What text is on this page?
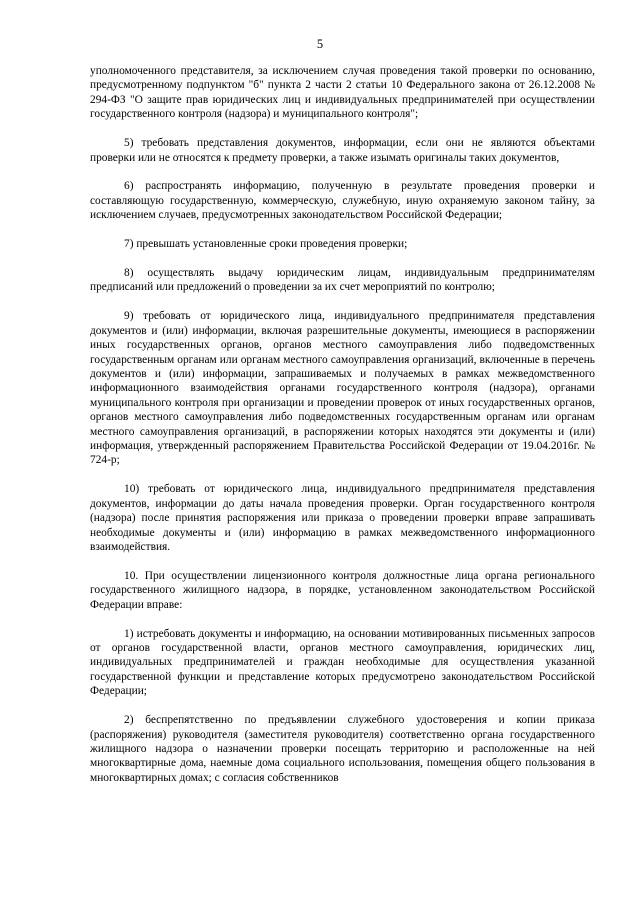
5

уполномоченного представителя, за исключением случая проведения такой проверки по основанию, предусмотренному подпунктом "б" пункта 2 части 2 статьи 10 Федерального закона от 26.12.2008 № 294-ФЗ "О защите прав юридических лиц и индивидуальных предпринимателей при осуществлении государственного контроля (надзора) и муниципального контроля";

5) требовать представления документов, информации, если они не являются объектами проверки или не относятся к предмету проверки, а также изымать оригиналы таких документов,

6) распространять информацию, полученную в результате проведения проверки и составляющую государственную, коммерческую, служебную, иную охраняемую законом тайну, за исключением случаев, предусмотренных законодательством Российской Федерации;

7) превышать установленные сроки проведения проверки;

8) осуществлять выдачу юридическим лицам, индивидуальным предпринимателям предписаний или предложений о проведении за их счет мероприятий по контролю;

9) требовать от юридического лица, индивидуального предпринимателя представления документов и (или) информации, включая разрешительные документы, имеющиеся в распоряжении иных государственных органов, органов местного самоуправления либо подведомственных государственным органам или органам местного самоуправления организаций, включенные в перечень документов и (или) информации, запрашиваемых и получаемых в рамках межведомственного информационного взаимодействия органами государственного контроля (надзора), органами муниципального контроля при организации и проведении проверок от иных государственных органов, органов местного самоуправления либо подведомственных государственным органам или органам местного самоуправления организаций, в распоряжении которых находятся эти документы и (или) информация, утвержденный распоряжением Правительства Российской Федерации от 19.04.2016г. № 724-р;

10) требовать от юридического лица, индивидуального предпринимателя представления документов, информации до даты начала проведения проверки. Орган государственного контроля (надзора) после принятия распоряжения или приказа о проведении проверки вправе запрашивать необходимые документы и (или) информацию в рамках межведомственного информационного взаимодействия.

10. При осуществлении лицензионного контроля должностные лица органа регионального государственного жилищного надзора, в порядке, установленном законодательством Российской Федерации вправе:

1) истребовать документы и информацию, на основании мотивированных письменных запросов от органов государственной власти, органов местного самоуправления, юридических лиц, индивидуальных предпринимателей и граждан необходимые для осуществления указанной государственной функции и представление которых предусмотрено законодательством Российской Федерации;

2) беспрепятственно по предъявлении служебного удостоверения и копии приказа (распоряжения) руководителя (заместителя руководителя) соответственно органа государственного жилищного надзора о назначении проверки посещать территорию и расположенные на ней многоквартирные дома, наемные дома социального использования, помещения общего пользования в многоквартирных домах; с согласия собственников
